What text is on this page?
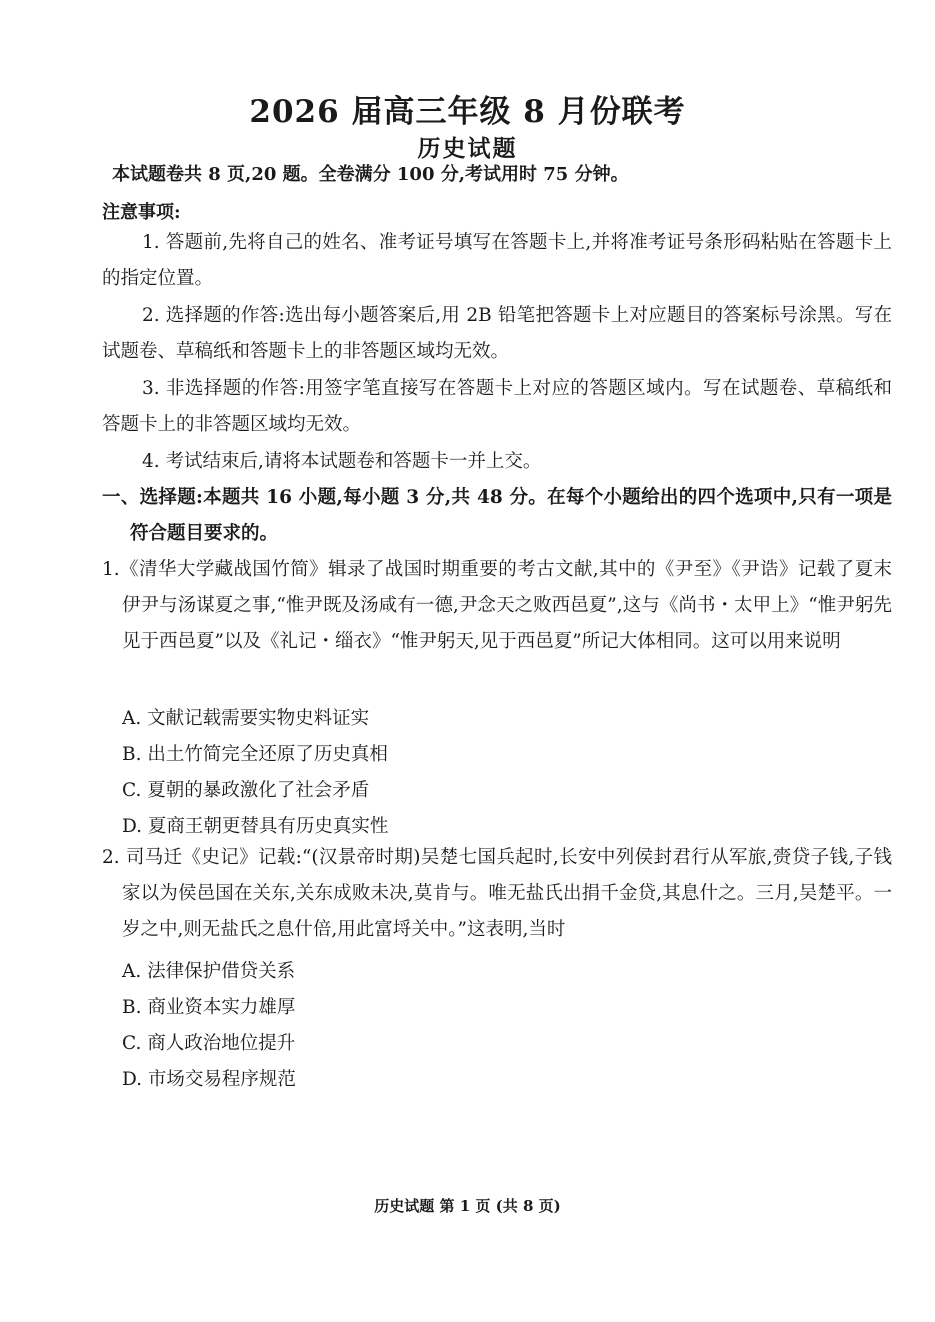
2026 届高三年级 8 月份联考
历史试题
本试题卷共 8 页,20 题。全卷满分 100 分,考试用时 75 分钟。
注意事项:
1. 答题前,先将自己的姓名、准考证号填写在答题卡上,并将准考证号条形码粘贴在答题卡上的指定位置。
2. 选择题的作答:选出每小题答案后,用 2B 铅笔把答题卡上对应题目的答案标号涂黑。写在试题卷、草稿纸和答题卡上的非答题区域均无效。
3. 非选择题的作答:用签字笔直接写在答题卡上对应的答题区域内。写在试题卷、草稿纸和答题卡上的非答题区域均无效。
4. 考试结束后,请将本试题卷和答题卡一并上交。
一、选择题:本题共 16 小题,每小题 3 分,共 48 分。在每个小题给出的四个选项中,只有一项是符合题目要求的。
1.《清华大学藏战国竹简》辑录了战国时期重要的考古文献,其中的《尹至》《尹诰》记载了夏末伊尹与汤谋夏之事,“惟尹既及汤咸有一德,尹念天之败西邑夏”,这与《尚书・太甲上》“惟尹躬先见于西邑夏”以及《礼记・缁衣》“惟尹躬天,见于西邑夏”所记大体相同。这可以用来说明
A. 文献记载需要实物史料证实
B. 出土竹简完全还原了历史真相
C. 夏朝的暴政激化了社会矛盾
D. 夏商王朝更替具有历史真实性
2. 司马迁《史记》记载:“(汉景帝时期)吴楚七国兵起时,长安中列侯封君行从军旅,赍贷子钱,子钱家以为侯邑国在关东,关东成败未决,莫肯与。唯无盐氏出捐千金贷,其息什之。三月,吴楚平。一岁之中,则无盐氏之息什倍,用此富埒关中。”这表明,当时
A. 法律保护借贷关系
B. 商业资本实力雄厚
C. 商人政治地位提升
D. 市场交易程序规范
历史试题 第 1 页 (共 8 页)
